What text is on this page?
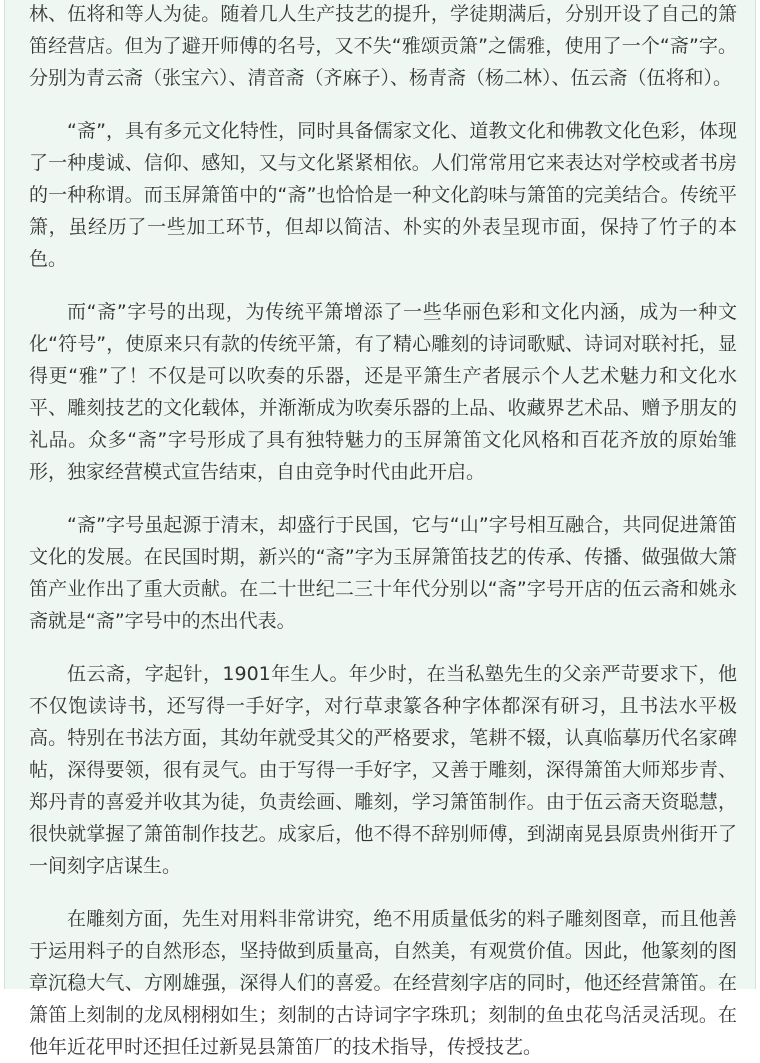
林、伍将和等人为徒。随着几人生产技艺的提升，学徒期满后，分别开设了自己的箫笛经营店。但为了避开师傅的名号，又不失“雅颂贡箫”之儒雅，使用了一个“斋”字。分别为青云斋（张宝六）、清音斋（齐麻子）、杨青斋（杨二林）、伍云斋（伍将和）。

“斋”，具有多元文化特性，同时具备儒家文化、道教文化和佛教文化色彩，体现了一种虔诚、信仰、感知，又与文化紧紧相依。人们常常用它来表达对学校或者书房的一种称谓。而玉屏箫笛中的“斋”也恰恰是一种文化韵味与箫笛的完美结合。传统平箫，虽经历了一些加工环节，但却以简洁、朴实的外表呈现市面，保持了竹子的本色。

而“斋”字号的出现，为传统平箫增添了一些华丽色彩和文化内涵，成为一种文化“符号”，使原来只有款的传统平箫，有了精心雕刻的诗词歌赋、诗词对联衬托，显得更“雅”了！不仅是可以吹奏的乐器，还是平箫生产者展示个人艺术魅力和文化水平、雕刻技艺的文化载体，并渐渐成为吹奏乐器的上品、收藏界艺术品、赠予朋友的礼品。众多“斋”字号形成了具有独特魅力的玉屏箫笛文化风格和百花齐放的原始雏形，独家经营模式宣告结束，自由竞争时代由此开启。

“斋”字号虽起源于清末，却盛行于民国，它与“山”字号相互融合，共同促进箫笛文化的发展。在民国时期，新兴的“斋”字为玉屏箫笛技艺的传承、传播、做强做大箫笛产业作出了重大贡献。在二十世纪二三十年代分别以“斋”字号开店的伍云斋和姚永斋就是“斋”字号中的杰出代表。

伍云斋，字起针，1901年生人。年少时，在当私塾先生的父亲严苛要求下，他不仅饱读诗书，还写得一手好字，对行草隶篆各种字体都深有研习，且书法水平极高。特别在书法方面，其幼年就受其父的严格要求，笔耕不辍，认真临摹历代名家碑帖，深得要领，很有灵气。由于写得一手好字，又善于雕刻，深得箫笛大师郑步青、郑丹青的喜爱并收其为徒，负责绘画、雕刻，学习箫笛制作。由于伍云斋天资聪慧，很快就掌握了箫笛制作技艺。成家后，他不得不辞别师傅，到湖南晃县原贵州街开了一间刻字店谋生。

在雕刻方面，先生对用料非常讲究，绝不用质量低劣的料子雕刻图章，而且他善于运用料子的自然形态，坚持做到质量高，自然美，有观赏价值。因此，他篆刻的图章沉稳大气、方刚雄强，深得人们的喜爱。在经营刻字店的同时，他还经营箫笛。在箫笛上刻制的龙凤栩栩如生；刻制的古诗词字字珠玑；刻制的鱼虫花鸟活灵活现。在他年近花甲时还担任过新晃县箫笛厂的技术指导，传授技艺。
